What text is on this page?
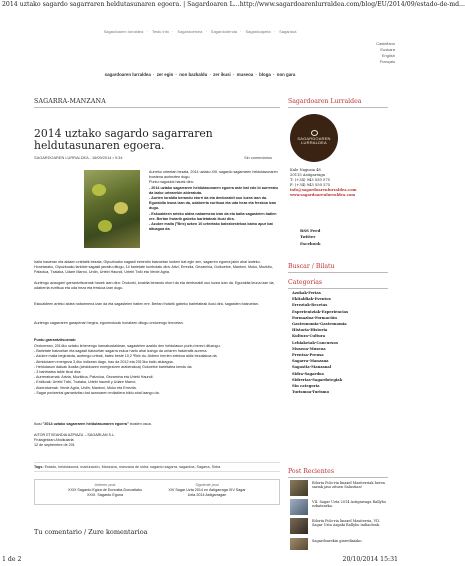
2014 uztako sagardo sagarraren heldutasunaren egoera. | Sagardoaren L... http://www.sagardoarenlurraldea.com/blog/EU/2014/09/estado-de-md...
Sagardoaren lurraldea · Testu info · Sagardoetxea · Sagardodenda · Sagardoapeta · Sagardoa
Castellano
Euskara
English
Français
sagardoaren lurraldea · zer egin · non bazkaldu · zer ikusi · museoa · bloga · non gara
SAGARRA-MANZANA	Sagardoaren Lurraldea
2014 uztako sagardo sagarraren heldutasunaren egoera.
SAGARDOAREN LURRALDEA - 16/09/2014 • 9:34	Sin comentarios

Aurreko urteetan bezala, 2014 uztako XIII. sagardo sagarraren heldutasunaren txostena aurkezten dugu.

Puntu nagusiok hauek dira:

- 2014 uztako sagarraren heldutasunaren egoera aste bat edo bi aurreratu da iazko urtearekin alderatuta.

- Aurten loraldia berandu etorri da eta denboraldi oso luzea izan da. Eguraldia leuna izan da, udaberria euritsua eta uda heza eta freskoa izan dugu.

- Eskualdeen arteko aldea nabarmena izan da eta baita sagasteien batien ere. Bertan frutarik gabeko barietateak ikusi dira.

- Azukre maila (ºBrix) azken 10 urteetako batezbestekoa baino apur bat altuagoa da.

Iraila hasieran eta aldaen urtetatik bezala, Gipuzkoako sagasti ezberdin batzuetan lurdeni bat egin zen, sagarren egoera jakin ahal izateko. Honetarako, Gipuzkoako lanbide sagasti jarraitu ditugu, 14 barietate kontrolatu dira: Artzi, Errezila, Gezamina, Goikoetxe, Mantoni, Moko, Mozkitu, Patzolua, Txalaka, Udare Marroi, Urdin, Urtebi Haundi, Urtebi Txiki eta Verde Agria.

Aurtengo azaugarri garrantzitsuenak hauek izan dira: Orokorki, loraldia berandu etorri da eta denboraldi oso luzea izan da. Eguraldia leuna izan da, udaberria euritsua eta uda heza eta freskoa izan dugu.

Eskualdeen arteko aldea nabarmena izan da eta sagasteien batien ere. Bertan frutarik gabeko barietateak ikusi dira, sagastien batzuetan.

Aurtengo sagarraren garapenari begira, egunerokoak honatzen ditugu ondorengo lerroetan.

Puntu garrantzitsuenak:

Orokorrean, 2014ko uztaku lehenengo hamabostaldean, sagasteien azaldu den heldutasun puntu berezi dituzugu:

- Barietate batzuetan eta sagasti batzuetan sagarra eskuz hartu ahal izango da urriaren hasieratik aurrera.

- Azukre maila begiratuta, aurtengo urteak, batez beste 10,2 ºBrix du. Aldeen herrien artekoa aldiz bezalakoa da.

- Almidoiaren energeza 3,4ko indizean dago, hau da 2012 eta 2013ko balio alukagoa.

- Heldutasun datuak ikusita (almidoaren energezizen araberakoa) Gokoetxe barietatea kendu da.

- 3 barietatea talde ikusi dira:

- Aurreratuenak: Artzia, Mozkitua, Patzolua, Gezamina eta Urtebi Haundi.

- Erdikoak: Urtebi Txiki, Txalaka, Urtebi haundi y Udare Marroi.

- Atzeratuenak: Verde Agria, Urdin, Mantoni, Moko eta Errezila.

- Sagar portzentai garrantzitsu bat azaroaren erdialdera bildu ahal izango da.

Ikusi "2014 uztako sagarraren heldutasunaren egoera" txosten osoa.

AITOR ETXEANDIA AZPIAZU – SAGARLAN S.L.

Frutagintzan Aholkularia

12 de septiembre de 201

Tags: Estado, heldutasuna, maduración, Manzana, manzana de sidra, sagardo sagarra, sagardoa, Sagarra, Sidra
Anterior post
XXIX Sagardo Egiza de Donostia-Donostiako XXIX. Sagardo Eguna
Siguiente post
XIV Sagar Uzta 2014 en Astigarraga XIV Sagar Uzta 2014 Astigarragan
Tu comentario / Zure komentarioa
SAGARDOAREN
LURRALDEA

Kale Nagusia 48

20115 Astigarraga

T: (+34) 943 550 575

F: (+34) 943 550 575

info@sagardoarenlurraldea.com

www.sagardoarenlurraldea.com

RSS Feed
Twitter
Facebook
Buscar / Bilatu
Categorías
Azokak-Ferias
Ekitaldiak-Eventos
Erreztak-Recetas
Esperientziak-Experiencias
Formazioa-Formación
Gastronomia-Gastronomía
Historia-Historia
Kultura-Cultura
Lehiaketak-Concursos
Museoa-Museoa
Prentsa-Prensa
Sagarra-Manzana
Sagastia-Manzanal
Sidra-Sagardoa
Sidrerias-Sagardotegiak
Sin categoría
Turismoa-Turismo
Post Recientes
Edorta Polo-ria linaxel Masiterriak heren sariak jaso zituen Salustian!
VII. Sagar Uzta 2014 Astigarraga Rallybo ezkataurka.
Edorta Polo-ria linaxel Masiterria, VII. Sagar Uzta Azgaki Rallybo indiaoleak.
Sagardoarekin giarediniako
1 de 2	20/10/2014 15:31
